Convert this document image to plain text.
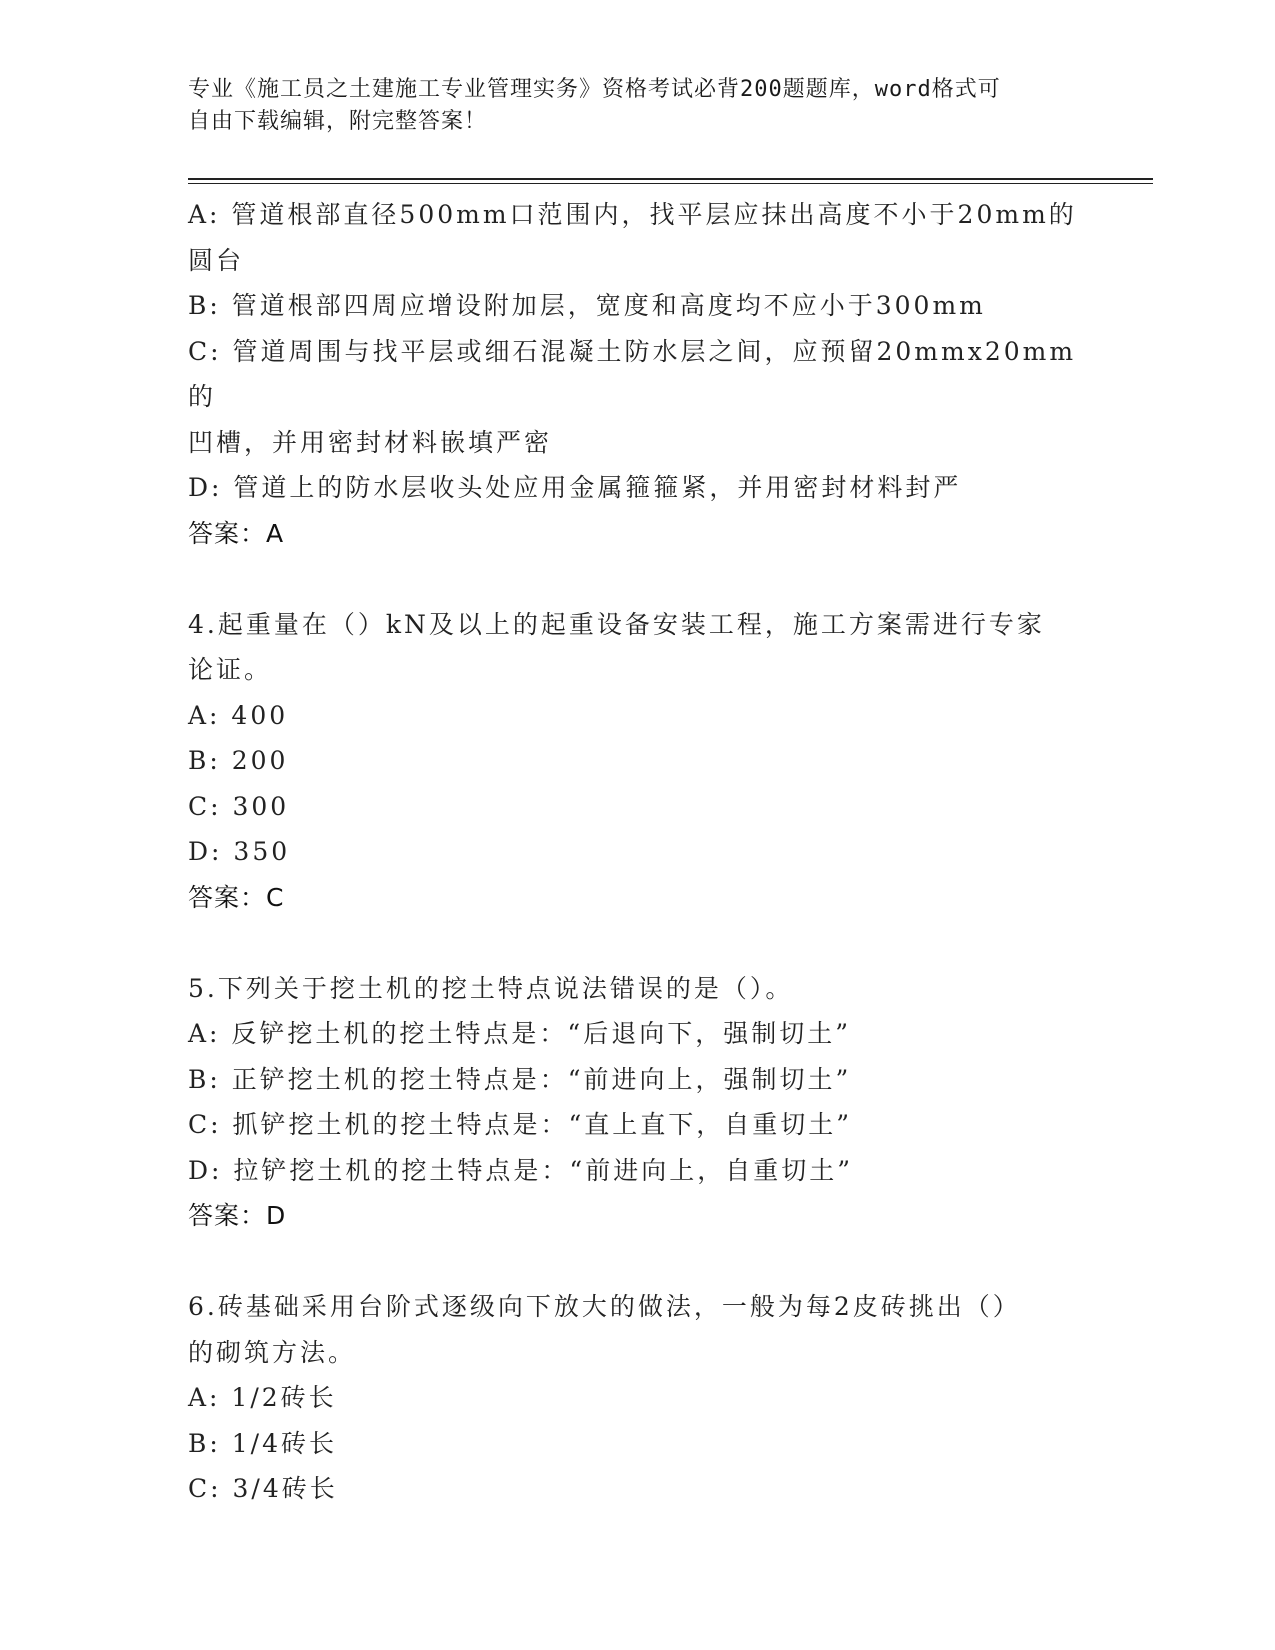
专业《施工员之土建施工专业管理实务》资格考试必背200题题库，word格式可
自由下载编辑，附完整答案！
A: 管道根部直径500mm口范围内，找平层应抹出高度不小于20mm的
圆台
B: 管道根部四周应增设附加层，宽度和高度均不应小于300mm
C: 管道周围与找平层或细石混凝土防水层之间，应预留20mmx20mm的
凹槽，并用密封材料嵌填严密
D: 管道上的防水层收头处应用金属箍箍紧，并用密封材料封严
答案：A
4.起重量在（）kN及以上的起重设备安装工程，施工方案需进行专家
论证。
A: 400
B: 200
C: 300
D: 350
答案：C
5.下列关于挖土机的挖土特点说法错误的是（）。
A: 反铲挖土机的挖土特点是：“后退向下，强制切土”
B: 正铲挖土机的挖土特点是：“前进向上，强制切土”
C: 抓铲挖土机的挖土特点是：“直上直下，自重切土”
D: 拉铲挖土机的挖土特点是：“前进向上，自重切土”
答案：D
6.砖基础采用台阶式逐级向下放大的做法，一般为每2皮砖挑出（）
的砌筑方法。
A: 1/2砖长
B: 1/4砖长
C: 3/4砖长
